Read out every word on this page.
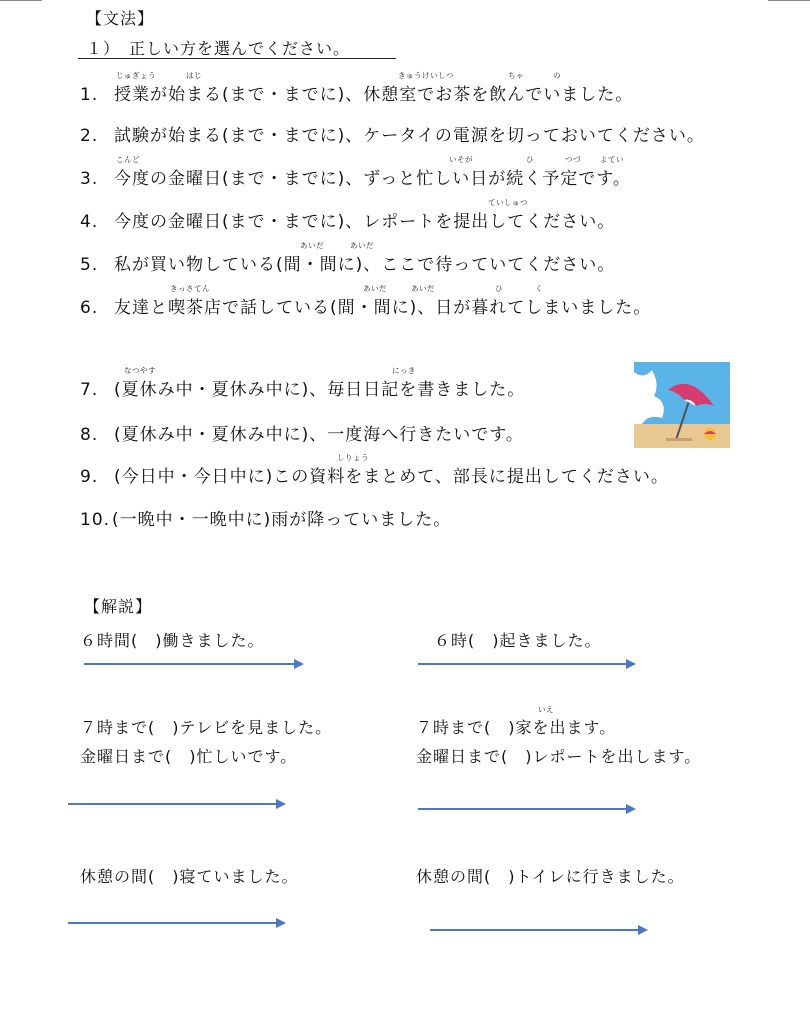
【文法】
１）　正しい方を選んでください。
じゅぎょう	はじ	きゅうけいしつ	ちゃ	の
こんど	いそが	ひ	つづ	よてい
ていしゅつ
あいだ	あいだ
きっさてん	あいだ	あいだ	ひ	く
なつやす	にっき
しりょう
1. 授業が始まる(まで・までに)、休憩室でお茶を飲んでいました。
2. 試験が始まる(まで・までに)、ケータイの電源を切っておいてください。
3. 今度の金曜日(まで・までに)、ずっと忙しい日が続く予定です。
4. 今度の金曜日(まで・までに)、レポートを提出してください。
5. 私が買い物している(間・間に)、ここで待っていてください。
6. 友達と喫茶店で話している(間・間に)、日が暮れてしまいました。
7. (夏休み中・夏休み中に)、毎日日記を書きました。
8. (夏休み中・夏休み中に)、一度海へ行きたいです。
9. (今日中・今日中に)この資料をまとめて、部長に提出してください。
10. (一晩中・一晩中に)雨が降っていました。
【解説】
６時間(　)働きました。	６時(　)起きました。
いえ
７時まで(　)テレビを見ました。
金曜日まで(　)忙しいです。
７時まで(　)家を出ます。
金曜日まで(　)レポートを出します。
休憩の間(　)寝ていました。	休憩の間(　)トイレに行きました。
